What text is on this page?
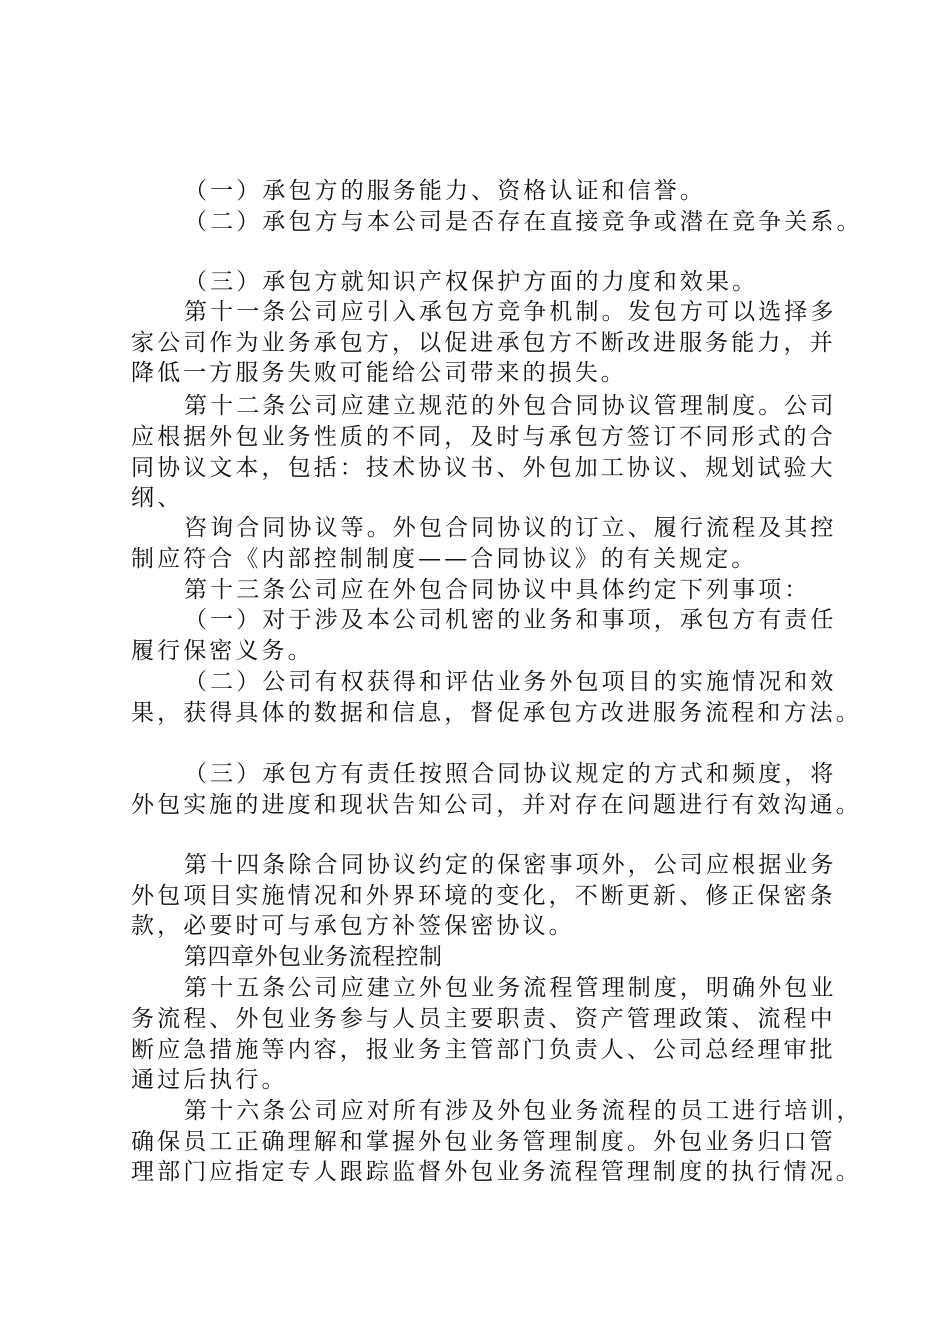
（一）承包方的服务能力、资格认证和信誉。
（二）承包方与本公司是否存在直接竞争或潜在竞争关系。
（三）承包方就知识产权保护方面的力度和效果。
第十一条公司应引入承包方竞争机制。发包方可以选择多
家公司作为业务承包方，以促进承包方不断改进服务能力，并
降低一方服务失败可能给公司带来的损失。
第十二条公司应建立规范的外包合同协议管理制度。公司
应根据外包业务性质的不同，及时与承包方签订不同形式的合
同协议文本，包括：技术协议书、外包加工协议、规划试验大
纲、
咨询合同协议等。外包合同协议的订立、履行流程及其控
制应符合《内部控制制度——合同协议》的有关规定。
第十三条公司应在外包合同协议中具体约定下列事项：
（一）对于涉及本公司机密的业务和事项，承包方有责任
履行保密义务。
（二）公司有权获得和评估业务外包项目的实施情况和效
果，获得具体的数据和信息，督促承包方改进服务流程和方法。
（三）承包方有责任按照合同协议规定的方式和频度，将
外包实施的进度和现状告知公司，并对存在问题进行有效沟通。
第十四条除合同协议约定的保密事项外，公司应根据业务
外包项目实施情况和外界环境的变化，不断更新、修正保密条
款，必要时可与承包方补签保密协议。
第四章外包业务流程控制
第十五条公司应建立外包业务流程管理制度，明确外包业
务流程、外包业务参与人员主要职责、资产管理政策、流程中
断应急措施等内容，报业务主管部门负责人、公司总经理审批
通过后执行。
第十六条公司应对所有涉及外包业务流程的员工进行培训，
确保员工正确理解和掌握外包业务管理制度。外包业务归口管
理部门应指定专人跟踪监督外包业务流程管理制度的执行情况。
